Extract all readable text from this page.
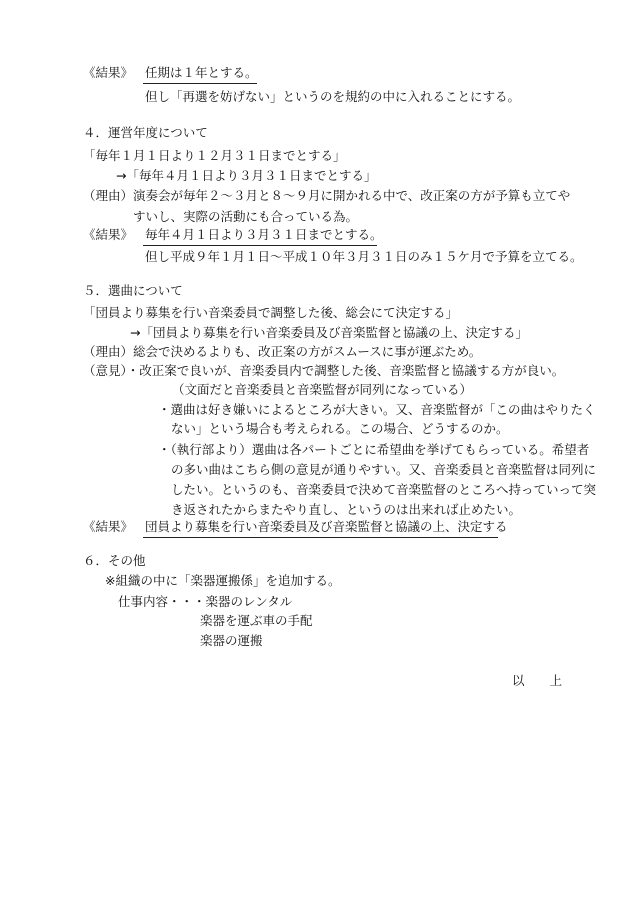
《結果》 任期は１年とする。
但し「再選を妨げない」というのを規約の中に入れることにする。
４．運営年度について
「毎年１月１日より１２月３１日までとする」
→「毎年４月１日より３月３１日までとする」
（理由）演奏会が毎年２～３月と８～９月に開かれる中で、改正案の方が予算も立てや
すいし、実際の活動にも合っている為。
《結果》 毎年４月１日より３月３１日までとする。
但し平成９年１月１日～平成１０年３月３１日のみ１５ケ月で予算を立てる。
５．選曲について
「団員より募集を行い音楽委員で調整した後、総会にて決定する」
→「団員より募集を行い音楽委員及び音楽監督と協議の上、決定する」
（理由）総会で決めるよりも、改正案の方がスムースに事が運ぶため。
（意見）・改正案で良いが、音楽委員内で調整した後、音楽監督と協議する方が良い。
（文面だと音楽委員と音楽監督が同列になっている）
・選曲は好き嫌いによるところが大きい。又、音楽監督が「この曲はやりたく
ない」という場合も考えられる。この場合、どうするのか。
・（執行部より）選曲は各パートごとに希望曲を挙げてもらっている。希望者
の多い曲はこちら側の意見が通りやすい。又、音楽委員と音楽監督は同列に
したい。というのも、音楽委員で決めて音楽監督のところへ持っていって突
き返されたからまたやり直し、というのは出来れば止めたい。
《結果》 団員より募集を行い音楽委員及び音楽監督と協議の上、決定する
６．その他
※組織の中に「楽器運搬係」を追加する。
仕事内容・・・楽器のレンタル
楽器を運ぶ車の手配
楽器の運搬
以　　上
